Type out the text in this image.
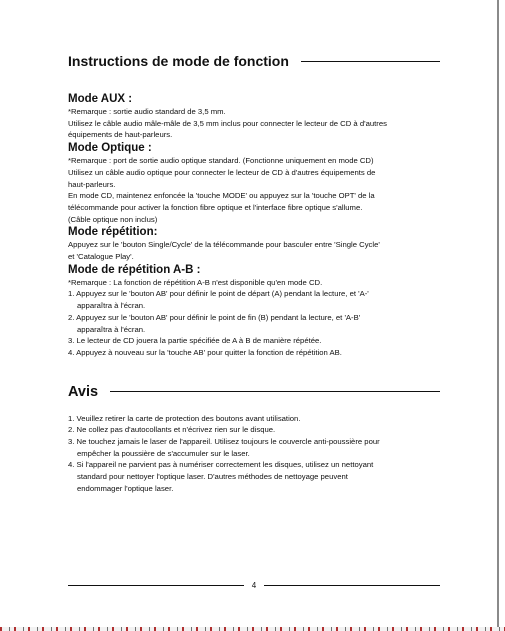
Instructions de mode de fonction
Mode AUX :

*Remarque : sortie audio standard de 3,5 mm.

Utilisez le câble audio mâle-mâle de 3,5 mm inclus pour connecter le lecteur de CD à d'autres

équipements de haut-parleurs.

Mode Optique :

*Remarque : port de sortie audio optique standard. (Fonctionne uniquement en mode CD)

Utilisez un câble audio optique pour connecter le lecteur de CD à d'autres équipements de

haut-parleurs.

En mode CD, maintenez enfoncée la 'touche MODE' ou appuyez sur la 'touche OPT' de la

télécommande pour activer la fonction fibre optique et l'interface fibre optique s'allume.

(Câble optique non inclus)

Mode répétition:

Appuyez sur le 'bouton Single/Cycle' de la télécommande pour basculer entre 'Single Cycle'

et 'Catalogue Play'.

Mode de répétition A-B :

*Remarque : La fonction de répétition A-B n'est disponible qu'en mode CD.

1. Appuyez sur le 'bouton AB' pour définir le point de départ (A) pendant la lecture, et 'A-'

apparaîtra à l'écran.

2. Appuyez sur le 'bouton AB' pour définir le point de fin (B) pendant la lecture, et 'A-B'

apparaîtra à l'écran.

3. Le lecteur de CD jouera la partie spécifiée de A à B de manière répétée.

4. Appuyez à nouveau sur la 'touche AB' pour quitter la fonction de répétition AB.

Avis

1. Veuillez retirer la carte de protection des boutons avant utilisation.

2. Ne collez pas d'autocollants et n'écrivez rien sur le disque.

3. Ne touchez jamais le laser de l'appareil. Utilisez toujours le couvercle anti-poussière pour

empêcher la poussière de s'accumuler sur le laser.

4. Si l'appareil ne parvient pas à numériser correctement les disques, utilisez un nettoyant

standard pour nettoyer l'optique laser. D'autres méthodes de nettoyage peuvent

endommager l'optique laser.

4
